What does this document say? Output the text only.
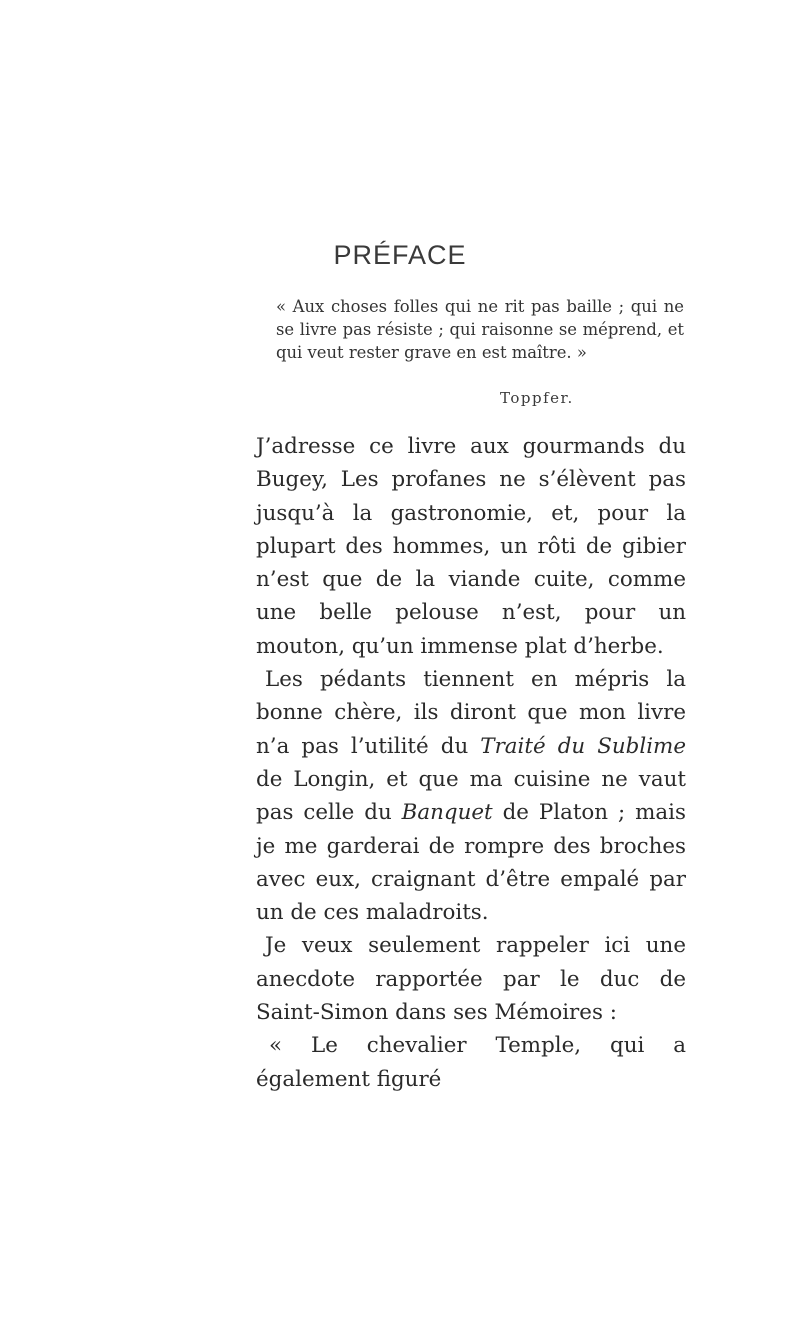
PRÉFACE

« Aux choses folles qui ne rit pas baille ; qui ne se livre pas résiste ; qui raisonne se méprend, et qui veut rester grave en est maître. »

Toppfer.

J’adresse ce livre aux gourmands du Bugey, Les profanes ne s’élèvent pas jusqu’à la gastronomie, et, pour la plupart des hommes, un rôti de gibier n’est que de la viande cuite, comme une belle pelouse n’est, pour un mouton, qu’un immense plat d’herbe.

Les pédants tiennent en mépris la bonne chère, ils diront que mon livre n’a pas l’utilité du Traité du Sublime de Longin, et que ma cuisine ne vaut pas celle du Banquet de Platon ; mais je me garderai de rompre des broches avec eux, craignant d’être empalé par un de ces maladroits.

Je veux seulement rappeler ici une anecdote rapportée par le duc de Saint-Simon dans ses Mémoires :

« Le chevalier Temple, qui a également figuré
